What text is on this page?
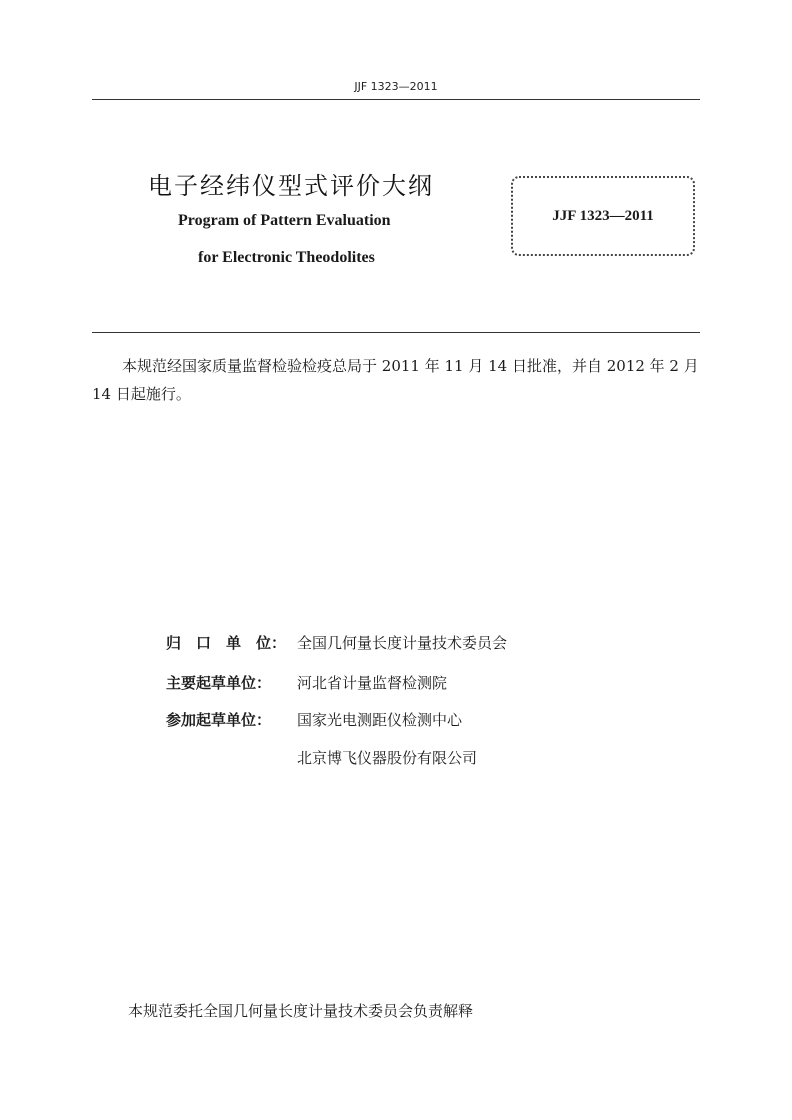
JJF 1323—2011
电子经纬仪型式评价大纲
Program of Pattern Evaluation
for Electronic Theodolites
JJF 1323—2011
本规范经国家质量监督检验检疫总局于 2011 年 11 月 14 日批准，并自 2012 年 2 月 14 日起施行。
归　口　单　位： 全国几何量长度计量技术委员会
主要起草单位： 河北省计量监督检测院
参加起草单位： 国家光电测距仪检测中心
北京博飞仪器股份有限公司
本规范委托全国几何量长度计量技术委员会负责解释
